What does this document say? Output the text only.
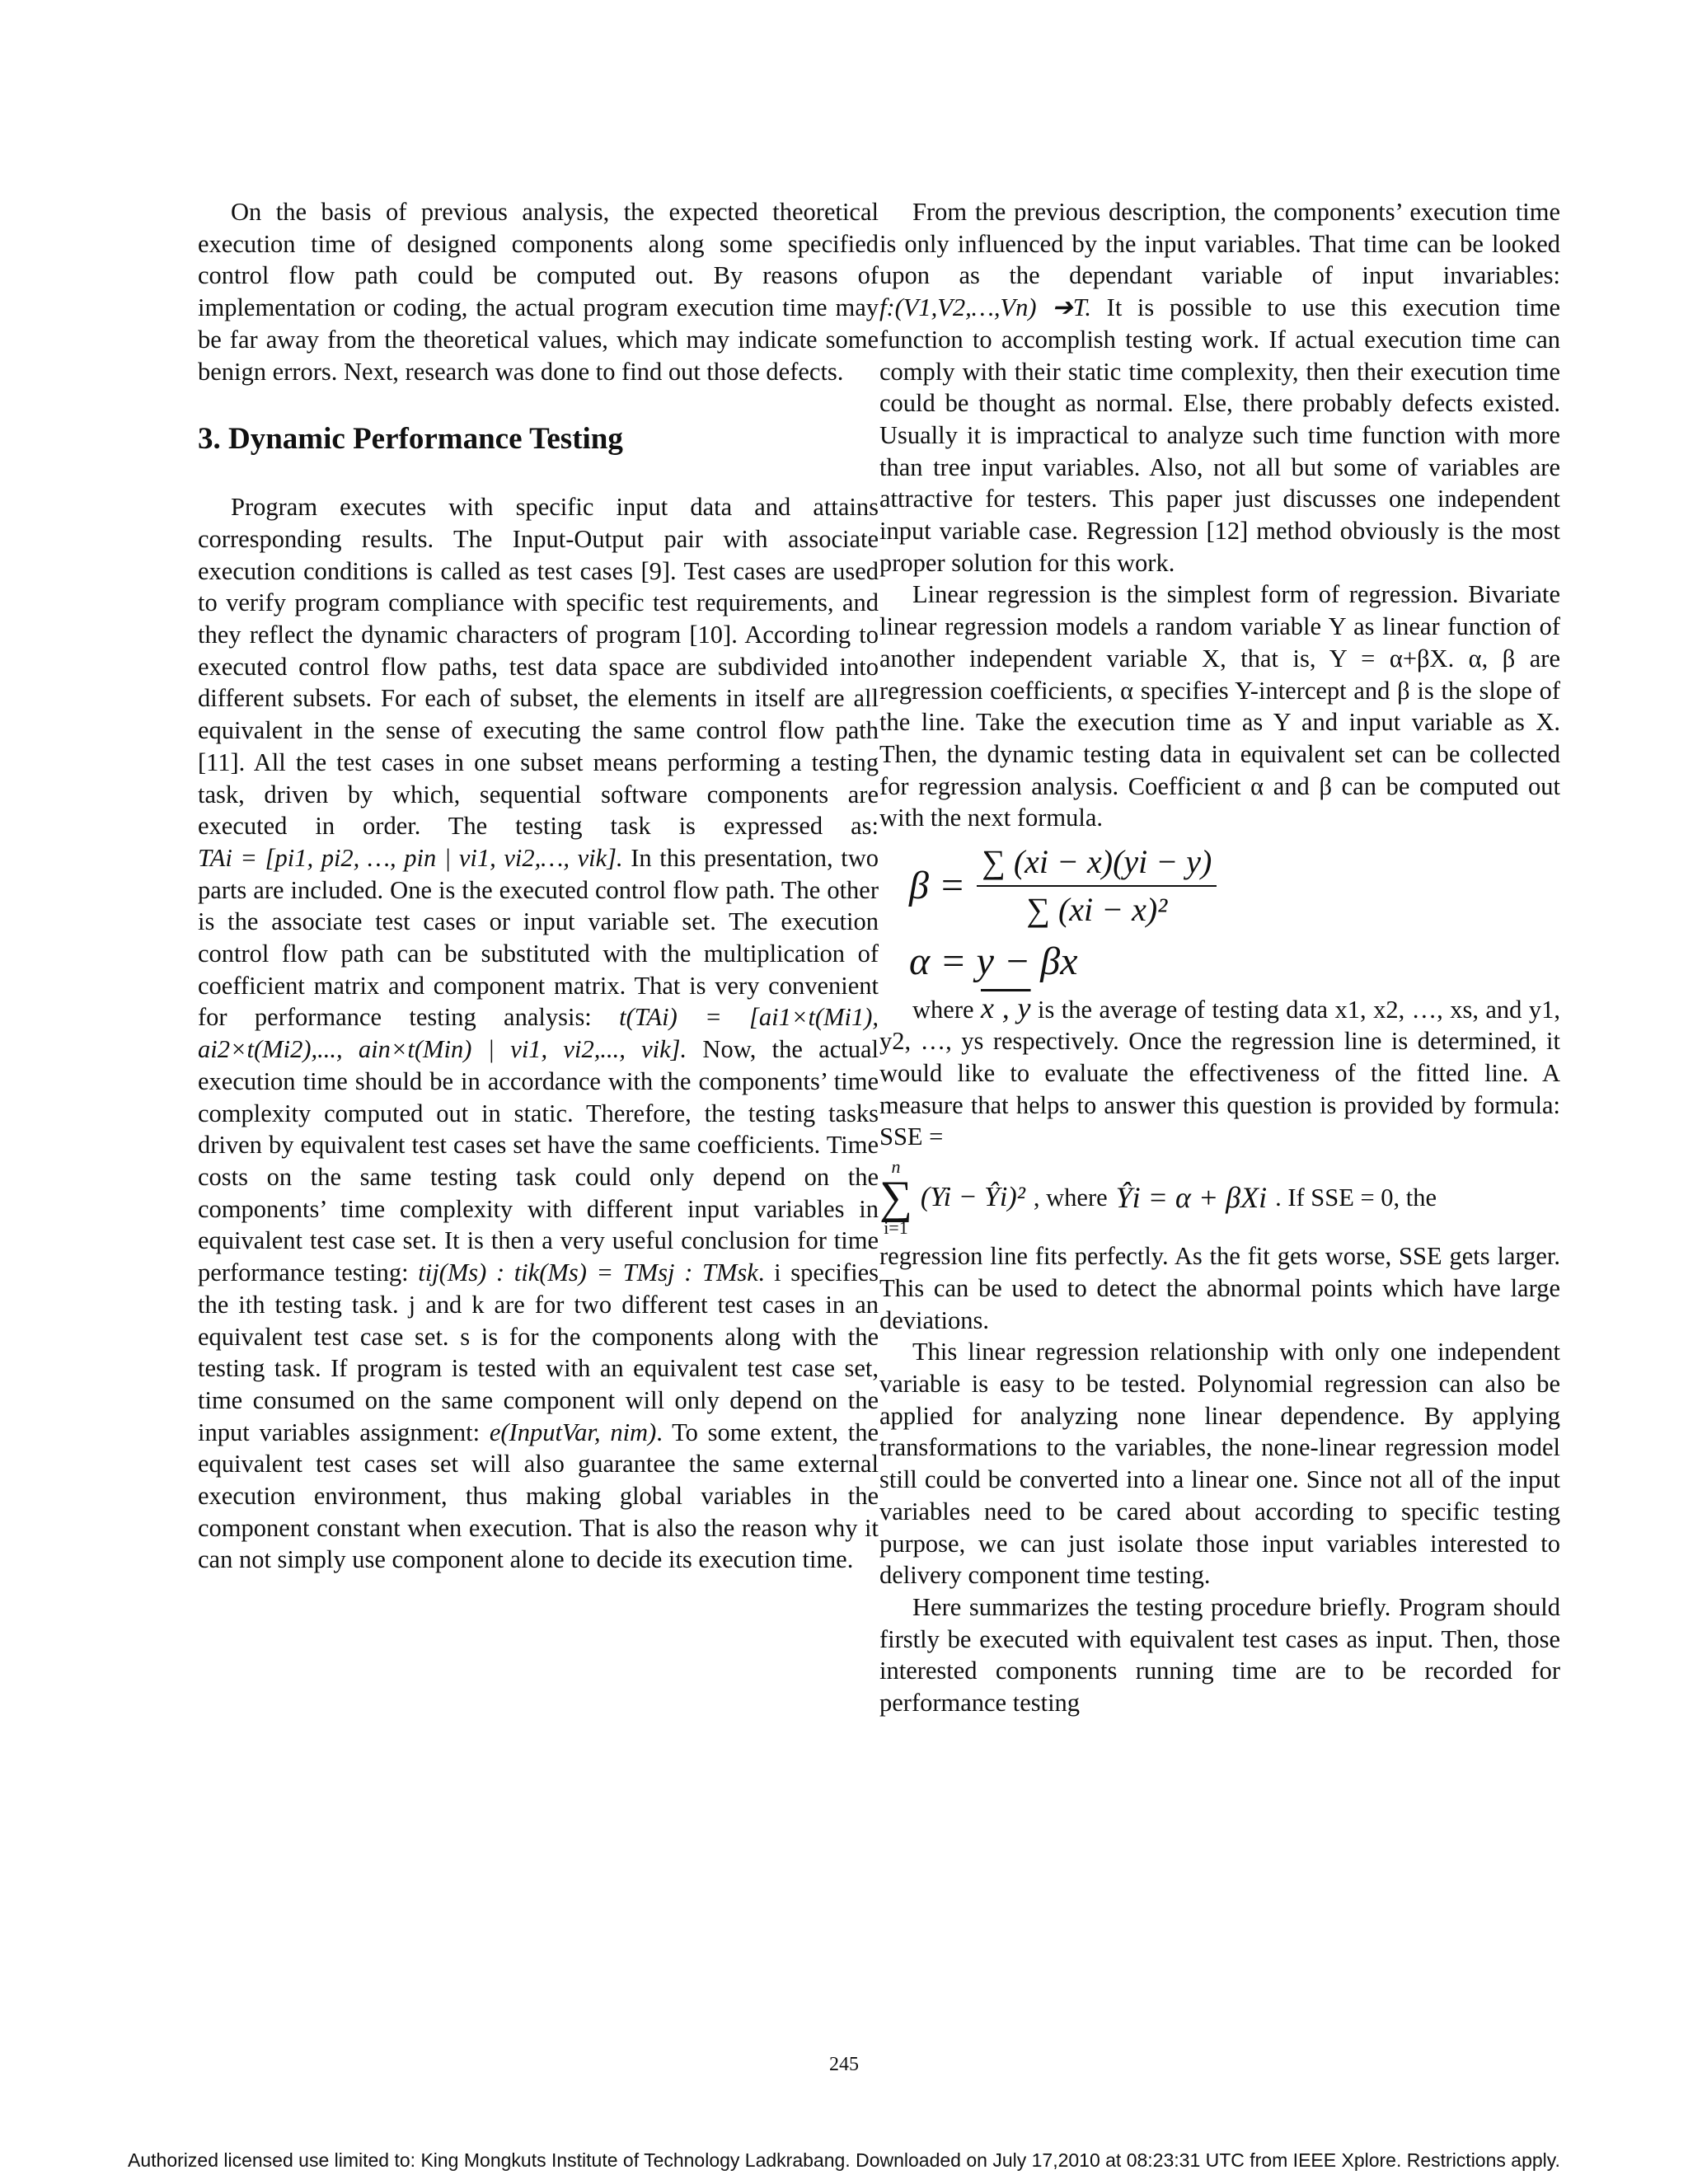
On the basis of previous analysis, the expected theoretical execution time of designed components along some specified control flow path could be computed out. By reasons of implementation or coding, the actual program execution time may be far away from the theoretical values, which may indicate some benign errors. Next, research was done to find out those defects.

3. Dynamic Performance Testing

Program executes with specific input data and attains corresponding results. The Input-Output pair with associate execution conditions is called as test cases [9]. Test cases are used to verify program compliance with specific test requirements, and they reflect the dynamic characters of program [10]. According to executed control flow paths, test data space are subdivided into different subsets. For each of subset, the elements in itself are all equivalent in the sense of executing the same control flow path [11]. All the test cases in one subset means performing a testing task, driven by which, sequential software components are executed in order. The testing task is expressed as: TAi = [pi1, pi2, …, pin | vi1, vi2,…, vik]. In this presentation, two parts are included. One is the executed control flow path. The other is the associate test cases or input variable set. The execution control flow path can be substituted with the multiplication of coefficient matrix and component matrix. That is very convenient for performance testing analysis: t(TAi) = [ai1×t(Mi1), ai2×t(Mi2),..., ain×t(Min) | vi1, vi2,..., vik]. Now, the actual execution time should be in accordance with the components’ time complexity computed out in static. Therefore, the testing tasks driven by equivalent test cases set have the same coefficients. Time costs on the same testing task could only depend on the components’ time complexity with different input variables in equivalent test case set. It is then a very useful conclusion for time performance testing: tij(Ms) : tik(Ms) = TMsj : TMsk. i specifies the ith testing task. j and k are for two different test cases in an equivalent test case set. s is for the components along with the testing task. If program is tested with an equivalent test case set, time consumed on the same component will only depend on the input variables assignment: e(InputVar, nim). To some extent, the equivalent test cases set will also guarantee the same external execution environment, thus making global variables in the component constant when execution. That is also the reason why it can not simply use component alone to decide its execution time.

From the previous description, the components’ execution time is only influenced by the input variables. That time can be looked upon as the dependant variable of input invariables: f:(V1,V2,…,Vn) ➔T. It is possible to use this execution time function to accomplish testing work. If actual execution time can comply with their static time complexity, then their execution time could be thought as normal. Else, there probably defects existed. Usually it is impractical to analyze such time function with more than tree input variables. Also, not all but some of variables are attractive for testers. This paper just discusses one independent input variable case. Regression [12] method obviously is the most proper solution for this work.

Linear regression is the simplest form of regression. Bivariate linear regression models a random variable Y as linear function of another independent variable X, that is, Y = α+βX. α, β are regression coefficients, α specifies Y-intercept and β is the slope of the line. Take the execution time as Y and input variable as X. Then, the dynamic testing data in equivalent set can be collected for regression analysis. Coefficient α and β can be computed out with the next formula.

$\beta = \frac{\sum (xi - x)(yi - y)}{\text{∑ (xi − x)²}}$
α = y − βx

where x , y is the average of testing data x1, x2, …, xs, and y1, y2, …, ys respectively. Once the regression line is determined, it would like to evaluate the effectiveness of the fitted line. A measure that helps to answer this question is provided by formula: SSE =

n
∑
i=1
(Yi − Ŷi)² , where Ŷi = α + βXi . If SSE = 0, the

regression line fits perfectly. As the fit gets worse, SSE gets larger. This can be used to detect the abnormal points which have large deviations.

This linear regression relationship with only one independent variable is easy to be tested. Polynomial regression can also be applied for analyzing none linear dependence. By applying transformations to the variables, the none-linear regression model still could be converted into a linear one. Since not all of the input variables need to be cared about according to specific testing purpose, we can just isolate those input variables interested to delivery component time testing.

Here summarizes the testing procedure briefly. Program should firstly be executed with equivalent test cases as input. Then, those interested components running time are to be recorded for performance testing

245
Authorized licensed use limited to: King Mongkuts Institute of Technology Ladkrabang. Downloaded on July 17,2010 at 08:23:31 UTC from IEEE Xplore. Restrictions apply.
